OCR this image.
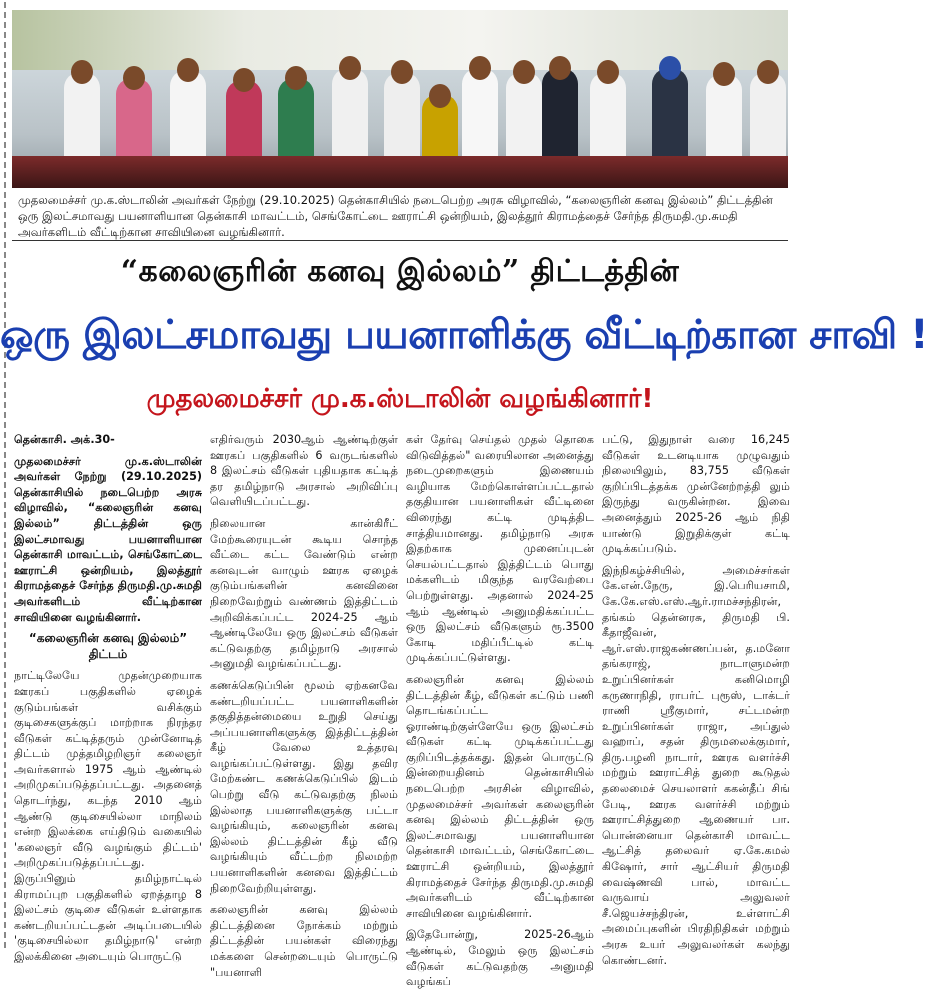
முதலமைச்சர் மு.க.ஸ்டாலின் அவர்கள் நேற்று (29.10.2025) தென்காசியில் நடைபெற்ற அரசு விழாவில், “கலைஞரின் கனவு இல்லம்” திட்டத்தின் ஒரு இலட்சமாவது பயனாளியான தென்காசி மாவட்டம், செங்கோட்டை ஊராட்சி ஒன்றியம், இலத்தூர் கிராமத்தைச் சேர்ந்த திருமதி.மு.சுமதி அவர்களிடம் வீட்டிற்கான சாவியினை வழங்கினார்.
“கலைஞரின் கனவு இல்லம்” திட்டத்தின்
ஒரு இலட்சமாவது பயனாளிக்கு வீட்டிற்கான சாவி !
முதலமைச்சர் மு.க.ஸ்டாலின் வழங்கினார்!

தென்காசி. அக்.30-

முதலமைச்சர் மு.க.ஸ்டாலின் அவர்கள் நேற்று (29.10.2025) தென்காசியில் நடைபெற்ற அரசு விழாவில், “கலைஞரின் கனவு இல்லம்” திட்டத்தின் ஒரு இலட்சமாவது பயனாளியான தென்காசி மாவட்டம், செங்கோட்டை ஊராட்சி ஒன்றியம், இலத்தூர் கிராமத்தைச் சேர்ந்த திருமதி.மு.சுமதி அவர்களிடம் வீட்டிற்கான சாவியினை வழங்கினார்.

“கலைஞரின் கனவு இல்லம்” திட்டம்

நாட்டிலேயே முதன்முறையாக ஊரகப் பகுதிகளில் ஏழைக் குடும்பங்கள் வசிக்கும் குடிசைகளுக்குப் மாற்றாக நிரந்தர வீடுகள் கட்டித்தரும் முன்னோடித் திட்டம் முத்தமிழறிஞர் கலைஞர் அவர்களால் 1975 ஆம் ஆண்டில் அறிமுகப்படுத்தப்பட்டது. அதனைத் தொடர்ந்து, கடந்த 2010 ஆம் ஆண்டு குடிசையில்லா மாநிலம் என்ற இலக்கை எய்திடும் வகையில் 'கலைஞர் வீடு வழங்கும் திட்டம்' அறிமுகப்படுத்தப்பட்டது. இருப்பினும் தமிழ்நாட்டில் கிராமப்புற பகுதிகளில் ஏறத்தாழ 8 இலட்சம் குடிசை வீடுகள் உள்ளதாக கண்டறியப்பட்டதன் அடிப்படையில் 'குடிசையில்லா தமிழ்நாடு' என்ற இலக்கினை அடையும் பொருட்டு

எதிர்வரும் 2030ஆம் ஆண்டிற்குள் ஊரகப் பகுதிகளில் 6 வருடங்களில் 8 இலட்சம் வீடுகள் புதியதாக கட்டித் தர தமிழ்நாடு அரசால் அறிவிப்பு வெளியிடப்பட்டது.

நிலையான கான்கிரீட் மேற்கூரையுடன் கூடிய சொந்த வீட்டை கட்ட வேண்டும் என்ற கனவுடன் வாழும் ஊரக ஏழைக் குடும்பங்களின் கனவினை நிறைவேற்றும் வண்ணம் இத்திட்டம் அறிவிக்கப்பட்ட 2024-25 ஆம் ஆண்டிலேயே ஒரு இலட்சம் வீடுகள் கட்டுவதற்கு தமிழ்நாடு அரசால் அனுமதி வழங்கப்பட்டது.

கணக்கெடுப்பின் மூலம் ஏற்கனவே கண்டறியப்பட்ட பயனாளிகளின் தகுதித்தன்மையை உறுதி செய்து அப்பயனாளிகளுக்கு இத்திட்டத்தின் கீழ் வேலை உத்தரவு வழங்கப்பட்டுள்ளது. இது தவிர மேற்கண்ட கணக்கெடுப்பில் இடம் பெற்று வீடு கட்டுவதற்கு நிலம் இல்லாத பயனாளிகளுக்கு பட்டா வழங்கியும், கலைஞரின் கனவு இல்லம் திட்டத்தின் கீழ் வீடு வழங்கியும் வீட்டற்ற நிலமற்ற பயனாளிகளின் கனவை இத்திட்டம் நிறைவேற்றியுள்ளது.

கலைஞரின் கனவு இல்லம் திட்டத்தினை நோக்கம் மற்றும் திட்டத்தின் பயன்கள் விரைந்து மக்களை சென்றடையும் பொருட்டு "பயனாளி

கள் தேர்வு செய்தல் முதல் தொகை விடுவித்தல்" வரையிலான அனைத்து நடைமுறைகளும் இணையம் வழியாக மேற்கொள்ளப்பட்டதால் தகுதியான பயனாளிகள் வீட்டினை விரைந்து கட்டி முடித்திட சாத்தியமானது. தமிழ்நாடு அரசு இதற்காக முனைப்புடன் செயல்பட்டதால் இத்திட்டம் பொது மக்களிடம் மிகுந்த வரவேற்பை பெற்றுள்ளது. அதனால் 2024-25 ஆம் ஆண்டில் அனுமதிக்கப்பட்ட ஒரு இலட்சம் வீடுகளும் ரூ.3500 கோடி மதிப்பீட்டில் கட்டி முடிக்கப்பட்டுள்ளது.

கலைஞரின் கனவு இல்லம் திட்டத்தின் கீழ், வீடுகள் கட்டும் பணி தொடங்கப்பட்ட ஓராண்டிற்குள்ளேயே ஒரு இலட்சம் வீடுகள் கட்டி முடிக்கப்பட்டது குறிப்பிடத்தக்கது. இதன் பொருட்டு இன்றையதினம் தென்காசியில் நடைபெற்ற அரசின் விழாவில், முதலமைச்சர் அவர்கள் கலைஞரின் கனவு இல்லம் திட்டத்தின் ஒரு இலட்சமாவது பயனாளியான தென்காசி மாவட்டம், செங்கோட்டை ஊராட்சி ஒன்றியம், இலத்தூர் கிராமத்தைச் சேர்ந்த திருமதி.மு.சுமதி அவர்களிடம் வீட்டிற்கான சாவியினை வழங்கினார்.

இதேபோன்று, 2025-26ஆம் ஆண்டில், மேலும் ஒரு இலட்சம் வீடுகள் கட்டுவதற்கு அனுமதி வழங்கப்

பட்டு, இதுநாள் வரை 16,245 வீடுகள் உடனடியாக முழுவதும் நிலையிலும், 83,755 வீடுகள் குறிப்பிடத்தக்க முன்னேற்றத்தி லும் இருந்து வருகின்றன. இவை அனைத்தும் 2025-26 ஆம் நிதி யாண்டு இறுதிக்குள் கட்டி முடிக்கப்படும்.

இந்நிகழ்ச்சியில், அமைச்சர்கள் கே.என்.நேரு, இ.பெரியசாமி, கே.கே.எஸ்.எஸ்.ஆர்.ராமச்சந்திரன், தங்கம் தென்னரசு, திருமதி பி. கீதாஜீவன், ஆர்.எஸ்.ராஜகண்ணப்பன், த.மனோ தங்கராஜ், நாடாளுமன்ற உறுப்பினர்கள் கனிமொழி கருணாநிதி, ராபர்ட் புரூஸ், டாக்டர் ராணி ஸ்ரீகுமார், சட்டமன்ற உறுப்பினர்கள் ராஜா, அப்துல் வஹாப், சதன் திருமலைக்குமார், திரு.பழனி நாடார், ஊரக வளர்ச்சி மற்றும் ஊராட்சித் துறை கூடுதல் தலைமைச் செயலாளர் ககன்தீப் சிங் பேடி, ஊரக வளர்ச்சி மற்றும் ஊராட்சித்துறை ஆணையர் பா. பொன்னையா தென்காசி மாவட்ட ஆட்சித் தலைவர் ஏ.கே.கமல் கிஷோர், சார் ஆட்சியர் திருமதி வைஷ்ணவி பால், மாவட்ட வருவாய் அலுவலர் சீ.ஜெயச்சந்திரன், உள்ளாட்சி அமைப்புகளின் பிரதிநிதிகள் மற்றும் அரசு உயர் அலுவலர்கள் கலந்து கொண்டனர்.
